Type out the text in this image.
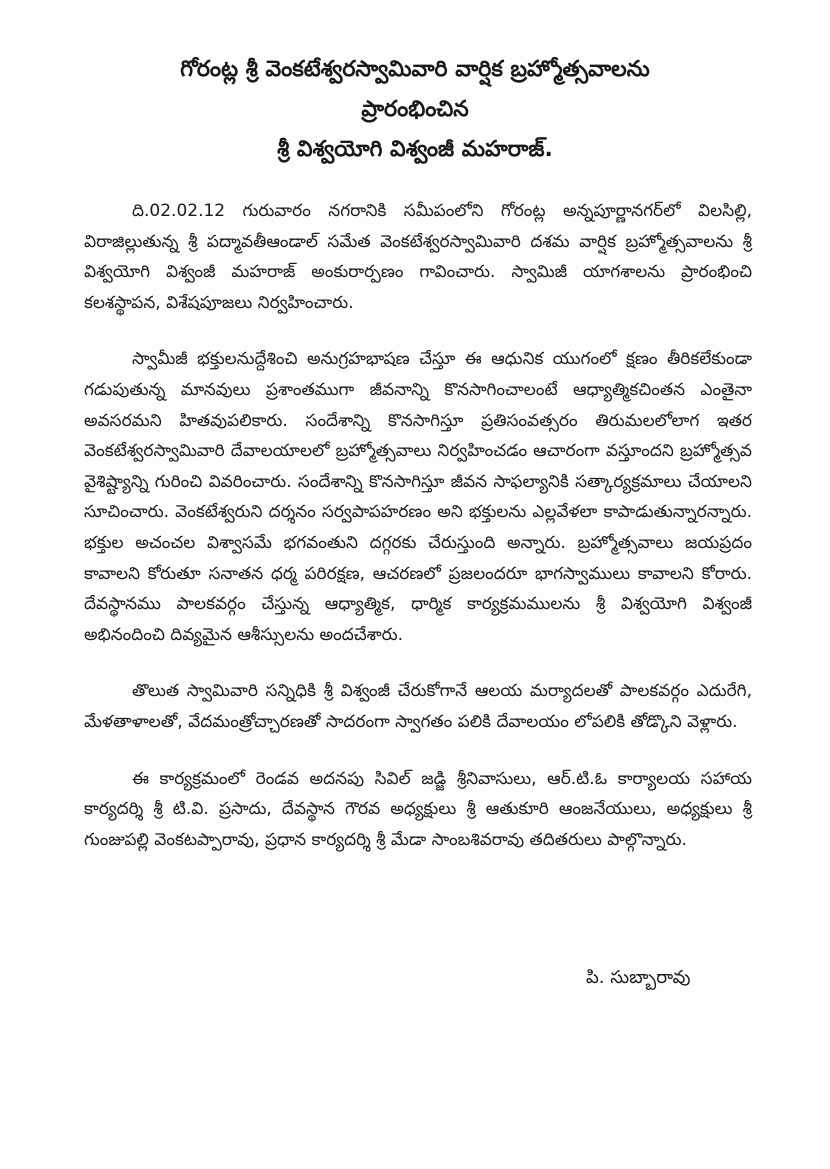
గోరంట్ల శ్రీ వెంకటేశ్వరస్వామివారి వార్షిక బ్రహ్మోత్సవాలను

ప్రారంభించిన

శ్రీ విశ్వయోగి విశ్వంజీ మహరాజ్.

ది.02.02.12 గురువారం నగరానికి సమీపంలోని గోరంట్ల అన్నపూర్ణానగర్‌లో విలసిల్లి, విరాజిల్లుతున్న శ్రీ పద్మావతీఆండాల్ సమేత వెంకటేశ్వరస్వామివారి దశమ వార్షిక బ్రహ్మోత్సవాలను శ్రీ విశ్వయోగి విశ్వంజీ మహరాజ్ అంకురార్పణం గావించారు. స్వామిజీ యాగశాలను ప్రారంభించి కలశస్థాపన, విశేషపూజలు నిర్వహించారు.

స్వామీజీ భక్తులనుద్దేశించి అనుగ్రహభాషణ చేస్తూ ఈ ఆధునిక యుగంలో క్షణం తీరికలేకుండా గడుపుతున్న మానవులు ప్రశాంతముగా జీవనాన్ని కొనసాగించాలంటే ఆధ్యాత్మికచింతన ఎంతైనా అవసరమని హితవుపలికారు. సందేశాన్ని కొనసాగిస్తూ ప్రతిసంవత్సరం తిరుమలలోలాగ ఇతర వెంకటేశ్వరస్వామివారి దేవాలయాలలో బ్రహ్మోత్సవాలు నిర్వహించడం ఆచారంగా వస్తూందని బ్రహ్మోత్సవ వైశిష్ట్యాన్ని గురించి వివరించారు. సందేశాన్ని కొనసాగిస్తూ జీవన సాఫల్యానికి సత్కార్యక్రమాలు చేయాలని సూచించారు. వెంకటేశ్వరుని దర్శనం సర్వపాపహరణం అని భక్తులను ఎల్లవేళలా కాపాడుతున్నారన్నారు. భక్తుల అచంచల విశ్వాసమే భగవంతుని దగ్గరకు చేరుస్తుంది అన్నారు. బ్రహ్మోత్సవాలు జయప్రదం కావాలని కోరుతూ సనాతన ధర్మ పరిరక్షణ, ఆచరణలో ప్రజలందరూ భాగస్వాములు కావాలని కోరారు. దేవస్థానము పాలకవర్గం చేస్తున్న ఆధ్యాత్మిక, ధార్మిక కార్యక్రమములను శ్రీ విశ్వయోగి విశ్వంజీ అభినందించి దివ్యమైన ఆశీస్సులను అందచేశారు.

తొలుత స్వామివారి సన్నిధికి శ్రీ విశ్వంజీ చేరుకోగానే ఆలయ మర్యాదలతో పాలకవర్గం ఎదురేగి, మేళతాళాలతో, వేదమంత్రోచ్చారణతో సాదరంగా స్వాగతం పలికి దేవాలయం లోపలికి తోడ్కొని వెళ్లారు.

ఈ కార్యక్రమంలో రెండవ అదనపు సివిల్ జడ్జి శ్రీనివాసులు, ఆర్.టి.ఓ కార్యాలయ సహాయ కార్యదర్శి శ్రీ టి.వి. ప్రసాదు, దేవస్థాన గౌరవ అధ్యక్షులు శ్రీ ఆతుకూరి ఆంజనేయులు, అధ్యక్షులు శ్రీ గుంజుపల్లి వెంకటప్పారావు, ప్రధాన కార్యదర్శి శ్రీ మేడా సాంబశివరావు తదితరులు పాల్గొన్నారు.

పి. సుబ్బారావు
